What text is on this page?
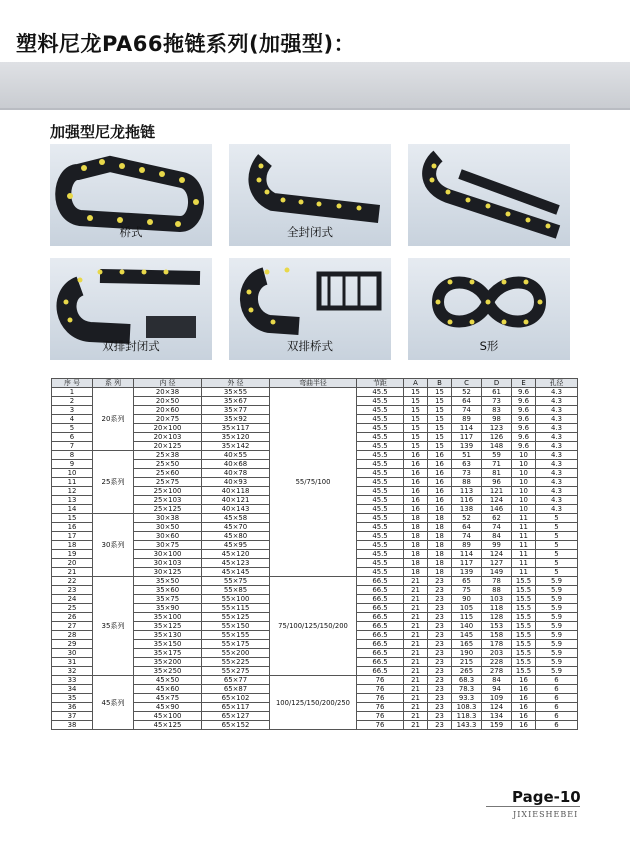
塑料尼龙PA66拖链系列(加强型)：
加强型尼龙拖链
桥式	全封闭式
双排封闭式	双排桥式	S形
序 号	系 列	内 径	外 径	弯曲半径	节距	A	B	C	D	E	孔径
1	20系列	20×38	35×55	55/75/100	45.5	15	15	52	61	9.6	4.3
2		20×50	35×67		45.5	15	15	64	73	9.6	4.3
3		20×60	35×77		45.5	15	15	74	83	9.6	4.3
4		20×75	35×92		45.5	15	15	89	98	9.6	4.3
5		20×100	35×117		45.5	15	15	114	123	9.6	4.3
6		20×103	35×120		45.5	15	15	117	126	9.6	4.3
7		20×125	35×142		45.5	15	15	139	148	9.6	4.3
8	25系列	25×38	40×55		45.5	16	16	51	59	10	4.3
9		25×50	40×68		45.5	16	16	63	71	10	4.3
10		25×60	40×78		45.5	16	16	73	81	10	4.3
11		25×75	40×93		45.5	16	16	88	96	10	4.3
12		25×100	40×118		45.5	16	16	113	121	10	4.3
13		25×103	40×121		45.5	16	16	116	124	10	4.3
14		25×125	40×143		45.5	16	16	138	146	10	4.3
15	30系列	30×38	45×58		45.5	18	18	52	62	11	5
16		30×50	45×70		45.5	18	18	64	74	11	5
17		30×60	45×80		45.5	18	18	74	84	11	5
18		30×75	45×95		45.5	18	18	89	99	11	5
19		30×100	45×120		45.5	18	18	114	124	11	5
20		30×103	45×123		45.5	18	18	117	127	11	5
21		30×125	45×145		45.5	18	18	139	149	11	5
22	35系列	35×50	55×75	75/100/125/150/200	66.5	21	23	65	78	15.5	5.9
23		35×60	55×85		66.5	21	23	75	88	15.5	5.9
24		35×75	55×100		66.5	21	23	90	103	15.5	5.9
25		35×90	55×115		66.5	21	23	105	118	15.5	5.9
26		35×100	55×125		66.5	21	23	115	128	15.5	5.9
27		35×125	55×150		66.5	21	23	140	153	15.5	5.9
28		35×130	55×155		66.5	21	23	145	158	15.5	5.9
29		35×150	55×175		66.5	21	23	165	178	15.5	5.9
30		35×175	55×200		66.5	21	23	190	203	15.5	5.9
31		35×200	55×225		66.5	21	23	215	228	15.5	5.9
32		35×250	55×275		66.5	21	23	265	278	15.5	5.9
33	45系列	45×50	65×77	100/125/150/200/250	76	21	23	68.3	84	16	6
34		45×60	65×87		76	21	23	78.3	94	16	6
35		45×75	65×102		76	21	23	93.3	109	16	6
36		45×90	65×117		76	21	23	108.3	124	16	6
37		45×100	65×127		76	21	23	118.3	134	16	6
38		45×125	65×152		76	21	23	143.3	159	16	6
Page-10
JIXIESHEBEI
